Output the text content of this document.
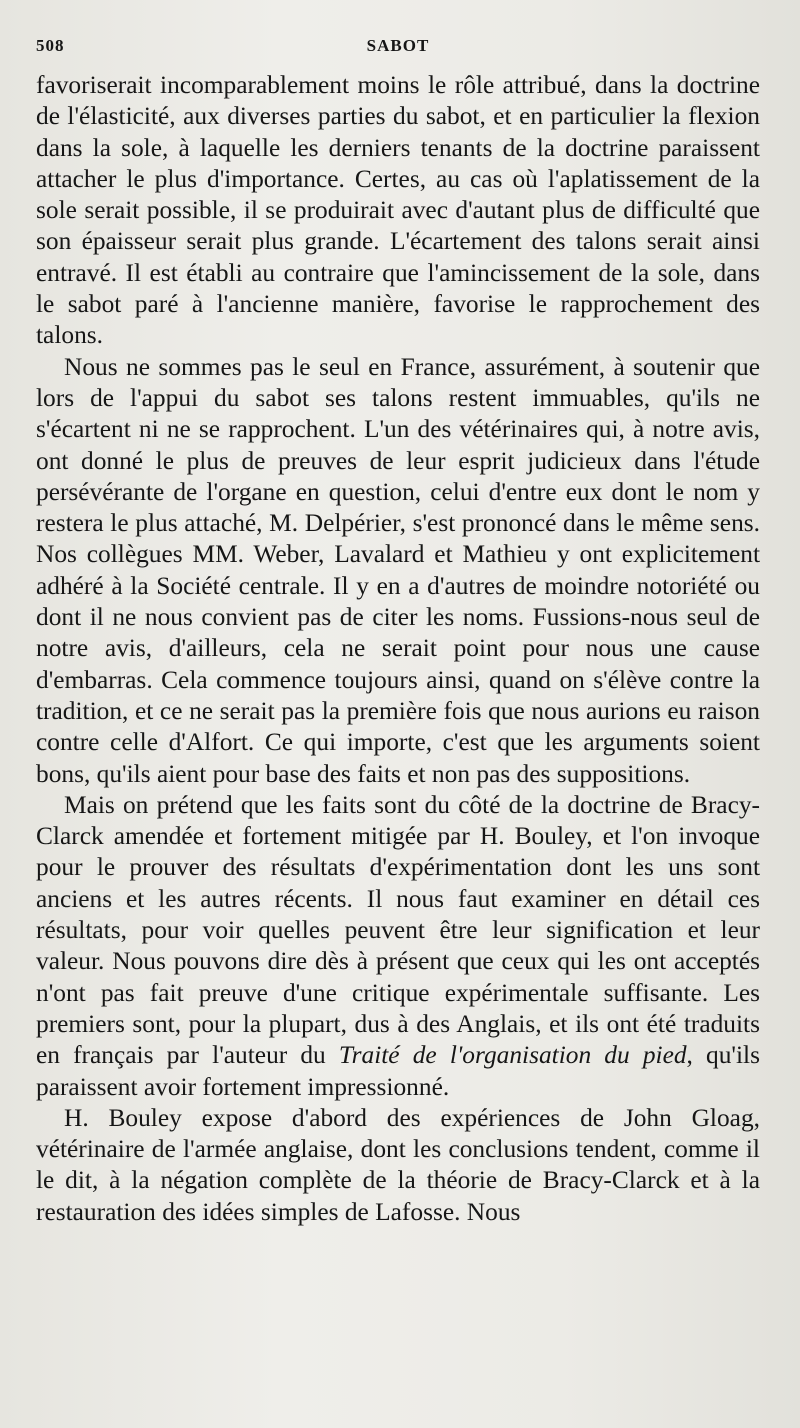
508	SABOT

favoriserait incomparablement moins le rôle attribué, dans la doctrine de l'élasticité, aux diverses parties du sabot, et en particulier la flexion dans la sole, à laquelle les derniers tenants de la doctrine paraissent attacher le plus d'importance. Certes, au cas où l'aplatissement de la sole serait possible, il se produirait avec d'autant plus de difficulté que son épaisseur serait plus grande. L'écartement des talons serait ainsi entravé. Il est établi au contraire que l'amincissement de la sole, dans le sabot paré à l'ancienne manière, favorise le rapprochement des talons.

Nous ne sommes pas le seul en France, assurément, à soutenir que lors de l'appui du sabot ses talons restent immuables, qu'ils ne s'écartent ni ne se rapprochent. L'un des vétérinaires qui, à notre avis, ont donné le plus de preuves de leur esprit judicieux dans l'étude persévérante de l'organe en question, celui d'entre eux dont le nom y restera le plus attaché, M. Delpérier, s'est prononcé dans le même sens. Nos collègues MM. Weber, Lavalard et Mathieu y ont explicitement adhéré à la Société centrale. Il y en a d'autres de moindre notoriété ou dont il ne nous convient pas de citer les noms. Fussions-nous seul de notre avis, d'ailleurs, cela ne serait point pour nous une cause d'embarras. Cela commence toujours ainsi, quand on s'élève contre la tradition, et ce ne serait pas la première fois que nous aurions eu raison contre celle d'Alfort. Ce qui importe, c'est que les arguments soient bons, qu'ils aient pour base des faits et non pas des suppositions.

Mais on prétend que les faits sont du côté de la doctrine de Bracy-Clarck amendée et fortement mitigée par H. Bouley, et l'on invoque pour le prouver des résultats d'expérimentation dont les uns sont anciens et les autres récents. Il nous faut examiner en détail ces résultats, pour voir quelles peuvent être leur signification et leur valeur. Nous pouvons dire dès à présent que ceux qui les ont acceptés n'ont pas fait preuve d'une critique expérimentale suffisante. Les premiers sont, pour la plupart, dus à des Anglais, et ils ont été traduits en français par l'auteur du Traité de l'organisation du pied, qu'ils paraissent avoir fortement impressionné.

H. Bouley expose d'abord des expériences de John Gloag, vétérinaire de l'armée anglaise, dont les conclusions tendent, comme il le dit, à la négation complète de la théorie de Bracy-Clarck et à la restauration des idées simples de Lafosse. Nous
